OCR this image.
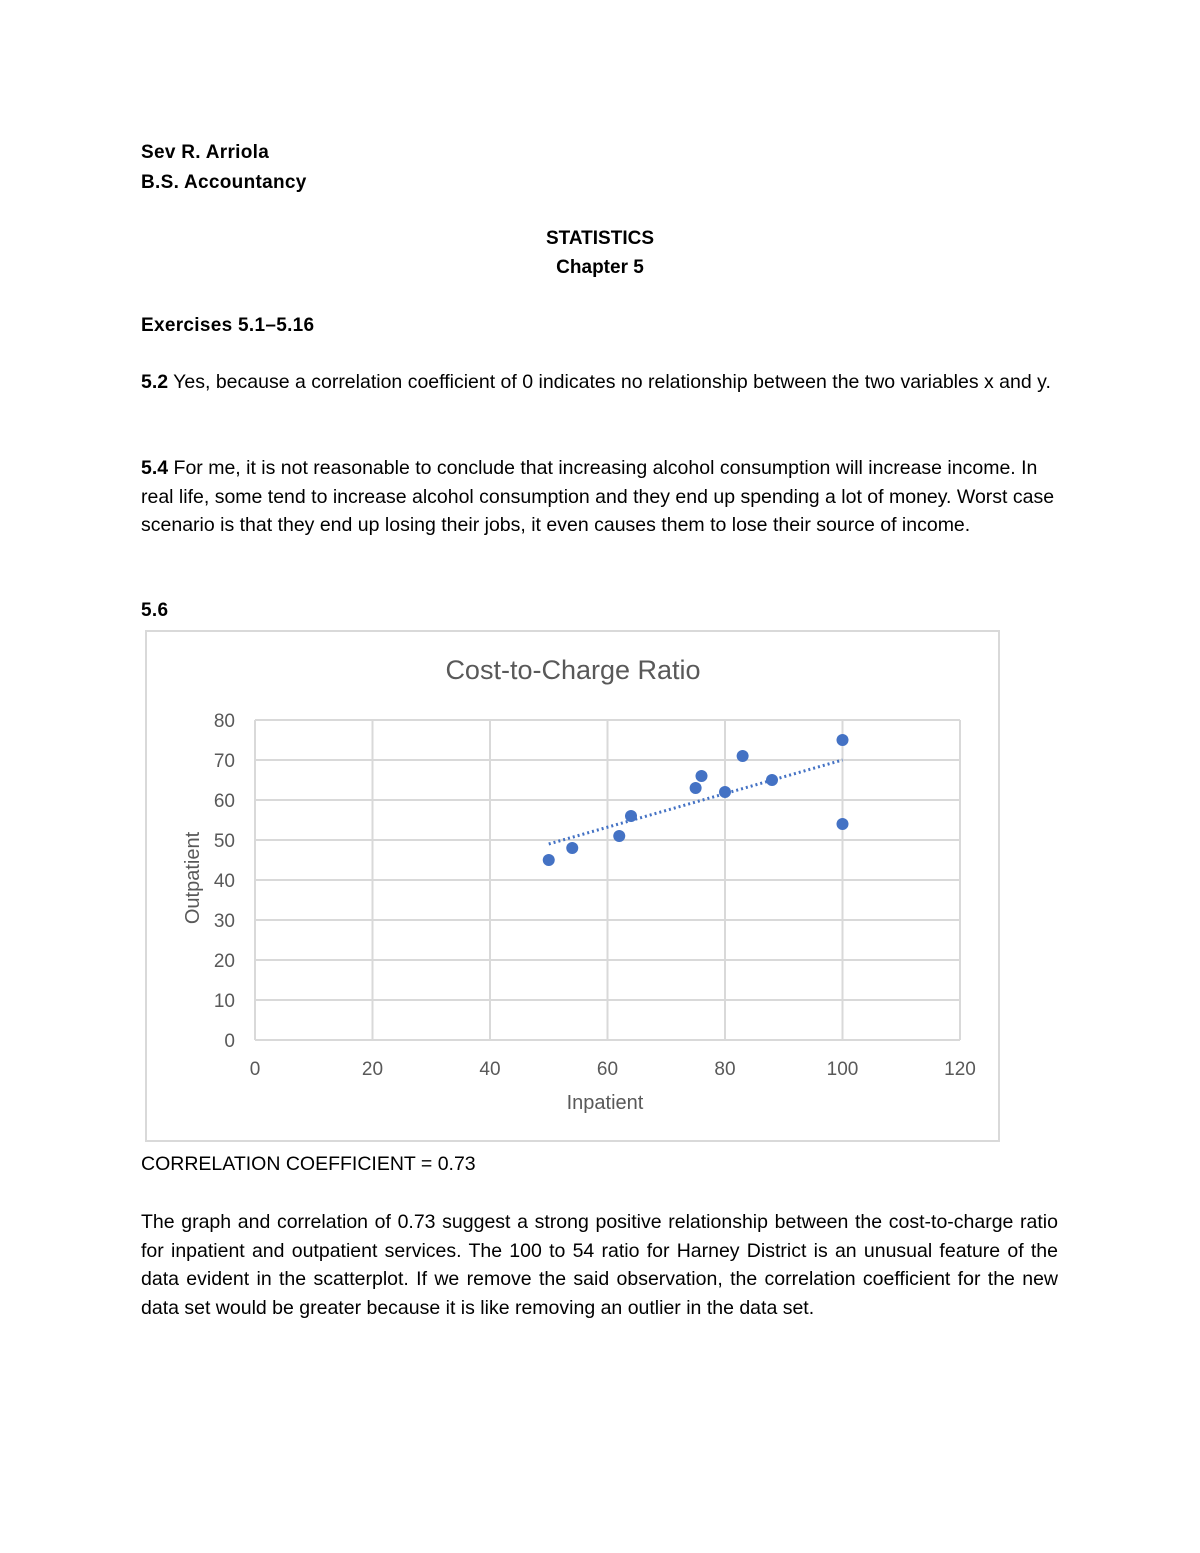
Sev R. Arriola
B.S. Accountancy
STATISTICS
Chapter 5
Exercises 5.1–5.16

5.2 Yes, because a correlation coefficient of 0 indicates no relationship between the two variables x and y.

5.4 For me, it is not reasonable to conclude that increasing alcohol consumption will increase income. In real life, some tend to increase alcohol consumption and they end up spending a lot of money. Worst case scenario is that they end up losing their jobs, it even causes them to lose their source of income.

5.6
Cost-to-Charge Ratio
Inpatient
Outpatient
0
10
20
30
40
50
60
70
80
0	20	40	60	80	100	120
CORRELATION COEFFICIENT = 0.73

The graph and correlation of 0.73 suggest a strong positive relationship between the cost-to-charge ratio for inpatient and outpatient services. The 100 to 54 ratio for Harney District is an unusual feature of the data evident in the scatterplot. If we remove the said observation, the correlation coefficient for the new data set would be greater because it is like removing an outlier in the data set.
